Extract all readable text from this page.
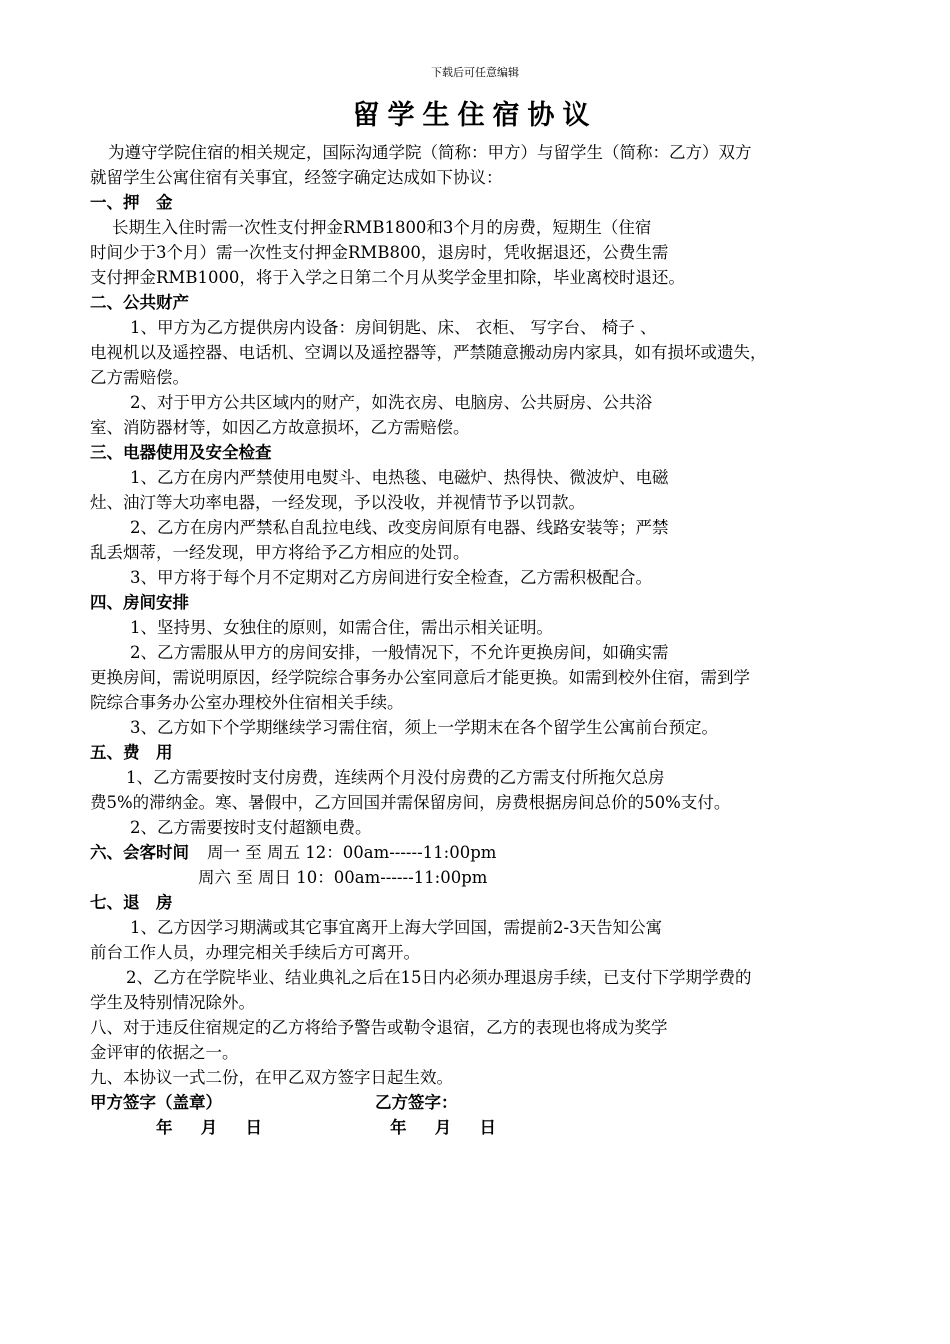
下载后可任意编辑
留学生住宿协议
为遵守学院住宿的相关规定，国际沟通学院（简称：甲方）与留学生（简称：乙方）双方
就留学生公寓住宿有关事宜，经签字确定达成如下协议：
一、押　金
长期生入住时需一次性支付押金RMB1800和3个月的房费，短期生（住宿
时间少于3个月）需一次性支付押金RMB800，退房时，凭收据退还，公费生需
支付押金RMB1000，将于入学之日第二个月从奖学金里扣除，毕业离校时退还。
二、公共财产
1、甲方为乙方提供房内设备：房间钥匙、床、 衣柜、 写字台、 椅子 、
电视机以及遥控器、电话机、空调以及遥控器等，严禁随意搬动房内家具，如有损坏或遗失，
乙方需赔偿。
2、对于甲方公共区域内的财产，如洗衣房、电脑房、公共厨房、公共浴
室、消防器材等，如因乙方故意损坏，乙方需赔偿。
三、电器使用及安全检查
1、乙方在房内严禁使用电熨斗、电热毯、电磁炉、热得快、微波炉、电磁
灶、油汀等大功率电器，一经发现，予以没收，并视情节予以罚款。
2、乙方在房内严禁私自乱拉电线、改变房间原有电器、线路安装等；严禁
乱丢烟蒂，一经发现，甲方将给予乙方相应的处罚。
3、甲方将于每个月不定期对乙方房间进行安全检查，乙方需积极配合。
四、房间安排
1、坚持男、女独住的原则，如需合住，需出示相关证明。
2、乙方需服从甲方的房间安排，一般情况下，不允许更换房间，如确实需
更换房间，需说明原因，经学院综合事务办公室同意后才能更换。如需到校外住宿，需到学
院综合事务办公室办理校外住宿相关手续。
3、乙方如下个学期继续学习需住宿，须上一学期末在各个留学生公寓前台预定。
五、费　用
1、乙方需要按时支付房费，连续两个月没付房费的乙方需支付所拖欠总房
费5%的滞纳金。寒、暑假中，乙方回国并需保留房间，房费根据房间总价的50%支付。
2、乙方需要按时支付超额电费。
六、会客时间 周一 至 周五 12：00am------11:00pm
周六 至 周日 10：00am------11:00pm
七、退　房
1、乙方因学习期满或其它事宜离开上海大学回国，需提前2-3天告知公寓
前台工作人员，办理完相关手续后方可离开。
2、乙方在学院毕业、结业典礼之后在15日内必须办理退房手续，已支付下学期学费的
学生及特别情况除外。
八、对于违反住宿规定的乙方将给予警告或勒令退宿，乙方的表现也将成为奖学
金评审的依据之一。
九、本协议一式二份，在甲乙双方签字日起生效。
甲方签字（盖章）	乙方签字：
年　 月　 日	年　 月　 日
